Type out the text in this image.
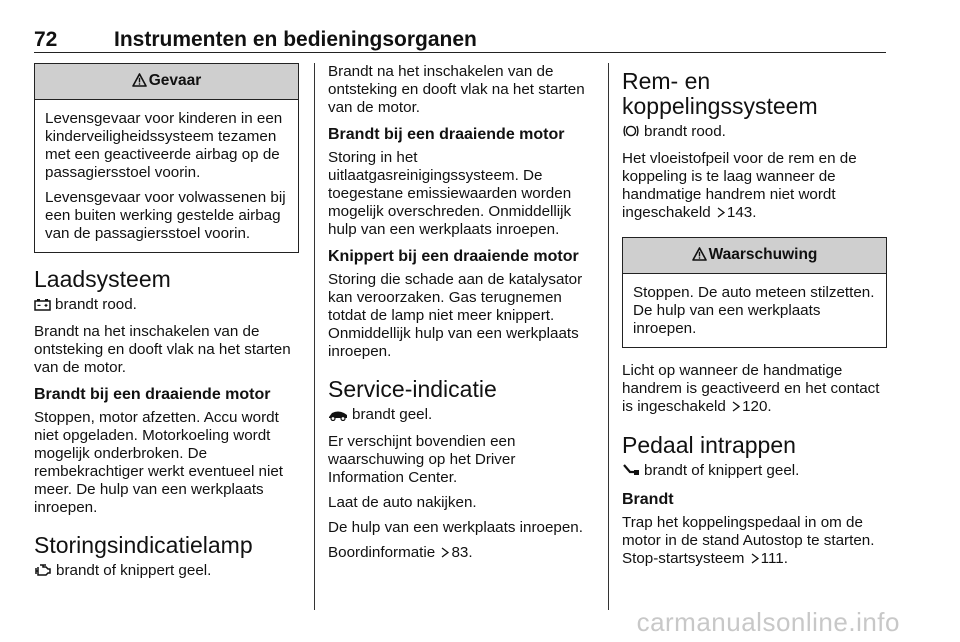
72	Instrumenten en bedieningsorganen
Gevaar

Levensgevaar voor kinderen in een kinderveiligheidssysteem tezamen met een geactiveerde airbag op de passagiersstoel voorin.

Levensgevaar voor volwassenen bij een buiten werking gestelde airbag van de passagiersstoel voorin.

Laadsysteem

brandt rood.

Brandt na het inschakelen van de ontsteking en dooft vlak na het starten van de motor.

Brandt bij een draaiende motor

Stoppen, motor afzetten. Accu wordt niet opgeladen. Motorkoeling wordt mogelijk onderbroken. De rembekrachtiger werkt eventueel niet meer. De hulp van een werkplaats inroepen.

Storingsindicatielamp

brandt of knippert geel.

Brandt na het inschakelen van de ontsteking en dooft vlak na het starten van de motor.

Brandt bij een draaiende motor

Storing in het uitlaatgasreinigingssysteem. De toegestane emissiewaarden worden mogelijk overschreden. Onmiddellijk hulp van een werkplaats inroepen.

Knippert bij een draaiende motor

Storing die schade aan de katalysator kan veroorzaken. Gas terugnemen totdat de lamp niet meer knippert. Onmiddellijk hulp van een werkplaats inroepen.

Service-indicatie

brandt geel.

Er verschijnt bovendien een waarschuwing op het Driver Information Center.

Laat de auto nakijken.

De hulp van een werkplaats inroepen.

Boordinformatie 83.

Rem- en
koppelingssysteem

brandt rood.

Het vloeistofpeil voor de rem en de koppeling is te laag wanneer de handmatige handrem niet wordt ingeschakeld 143.

Waarschuwing

Stoppen. De auto meteen stilzetten. De hulp van een werkplaats inroepen.

Licht op wanneer de handmatige handrem is geactiveerd en het contact is ingeschakeld 120.

Pedaal intrappen

brandt of knippert geel.

Brandt

Trap het koppelingspedaal in om de motor in de stand Autostop te starten. Stop-startsysteem 111.

carmanualsonline.info
